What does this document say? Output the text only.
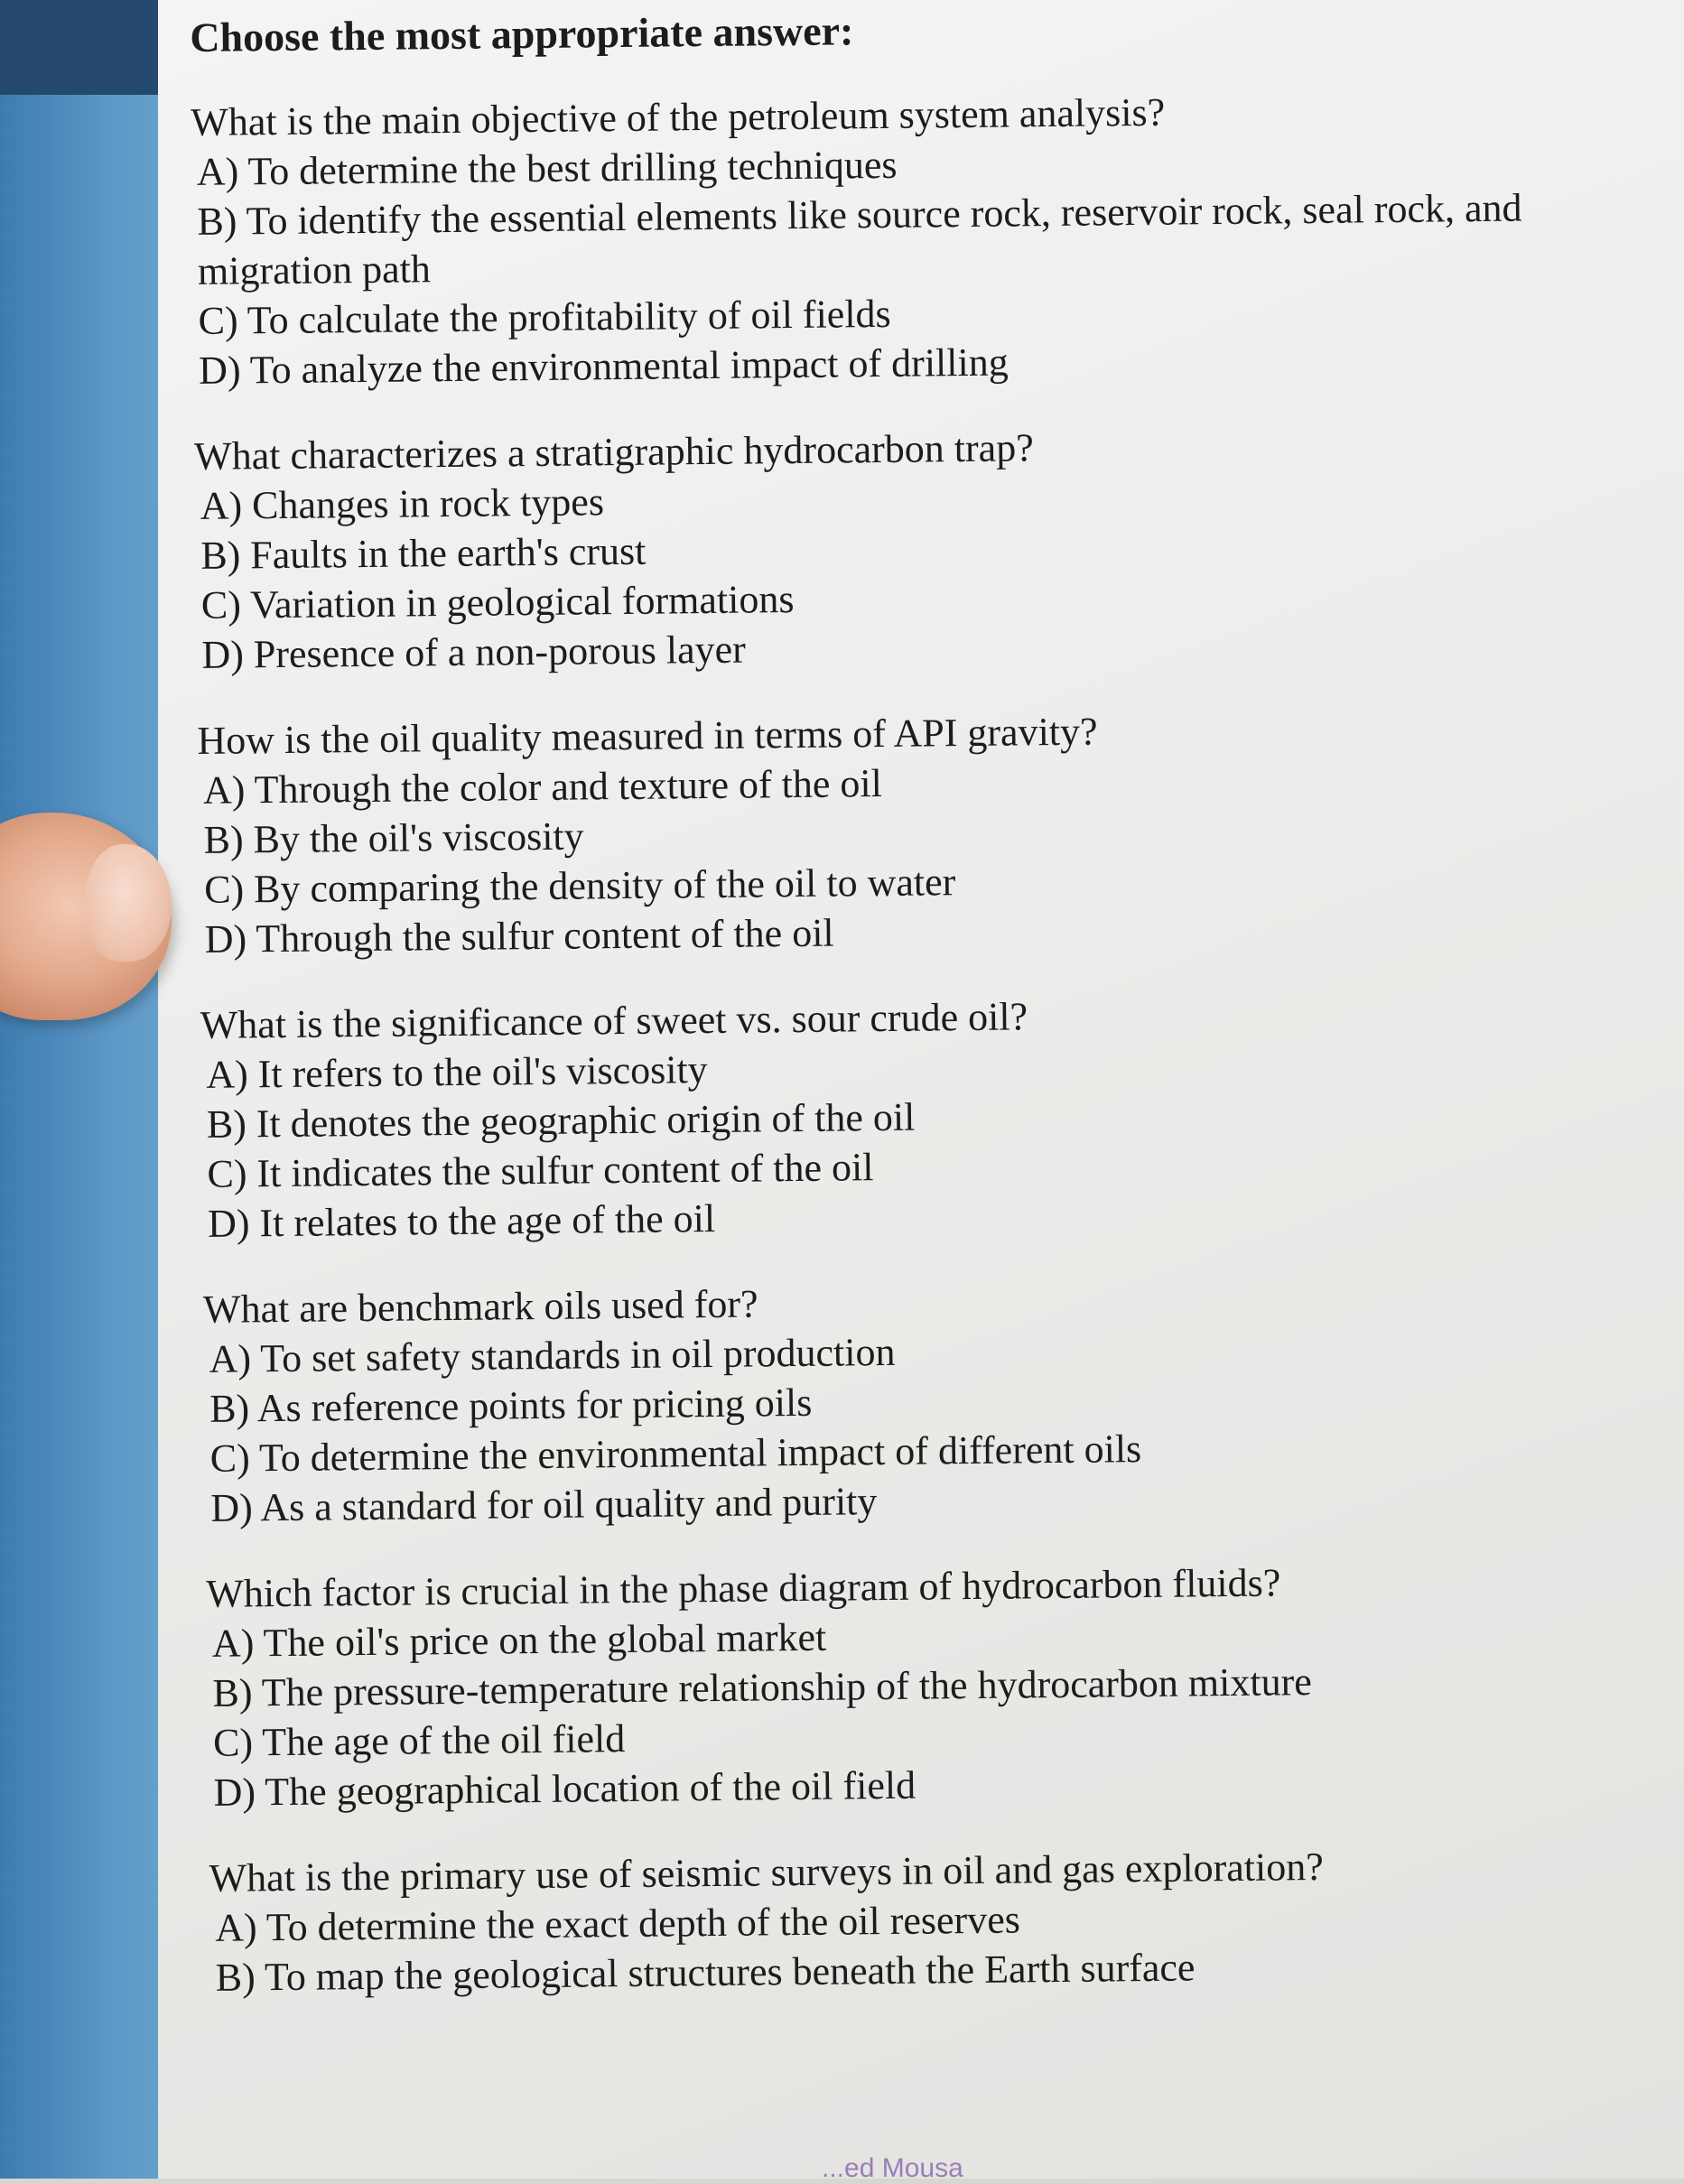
Choose the most appropriate answer:
What is the main objective of the petroleum system analysis?
A) To determine the best drilling techniques
B) To identify the essential elements like source rock, reservoir rock, seal rock, and migration path
C) To calculate the profitability of oil fields
D) To analyze the environmental impact of drilling
What characterizes a stratigraphic hydrocarbon trap?
A) Changes in rock types
B) Faults in the earth's crust
C) Variation in geological formations
D) Presence of a non-porous layer
How is the oil quality measured in terms of API gravity?
A) Through the color and texture of the oil
B) By the oil's viscosity
C) By comparing the density of the oil to water
D) Through the sulfur content of the oil
What is the significance of sweet vs. sour crude oil?
A) It refers to the oil's viscosity
B) It denotes the geographic origin of the oil
C) It indicates the sulfur content of the oil
D) It relates to the age of the oil
What are benchmark oils used for?
A) To set safety standards in oil production
B) As reference points for pricing oils
C) To determine the environmental impact of different oils
D) As a standard for oil quality and purity
Which factor is crucial in the phase diagram of hydrocarbon fluids?
A) The oil's price on the global market
B) The pressure-temperature relationship of the hydrocarbon mixture
C) The age of the oil field
D) The geographical location of the oil field
What is the primary use of seismic surveys in oil and gas exploration?
A) To determine the exact depth of the oil reserves
B) To map the geological structures beneath the Earth surface
...ed Mousa
